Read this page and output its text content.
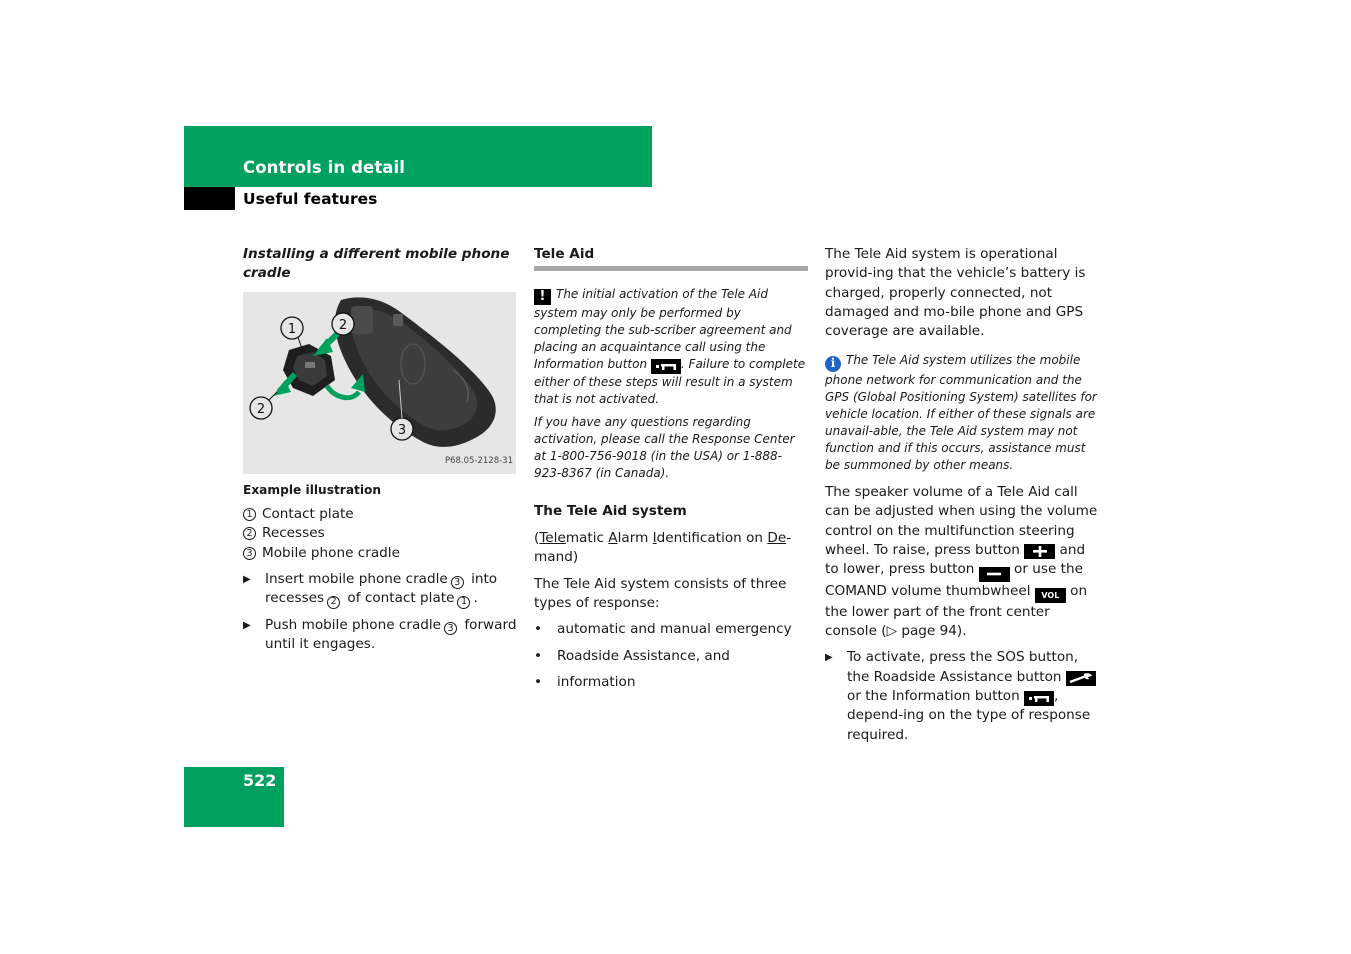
Controls in detail
Useful features

Installing a different mobile phone cradle

1	2
2
3
P68.05-2128-31
Example illustration
1 Contact plate
2 Recesses
3 Mobile phone cradle
▶	Insert mobile phone cradle 3 into recesses 2 of contact plate 1 .
▶	Push mobile phone cradle 3 forward until it engages.
Tele Aid
! The initial activation of the Tele Aid system may only be performed by completing the sub-scriber agreement and placing an acquaintance call using the Information button	. Failure to complete either of these steps will result in a system that is not activated.
If you have any questions regarding activation, please call the Response Center at 1-800-756-9018 (in the USA) or 1-888-923-8367 (in Canada).
The Tele Aid system
(Telematic Alarm Identification on De-mand)
The Tele Aid system consists of three types of response:
•	automatic and manual emergency
•	Roadside Assistance, and
•	information
The Tele Aid system is operational provid-ing that the vehicle’s battery is charged, properly connected, not damaged and mo-bile phone and GPS coverage are available.
i The Tele Aid system utilizes the mobile phone network for communication and the GPS (Global Positioning System) satellites for vehicle location. If either of these signals are unavail-able, the Tele Aid system may not function and if this occurs, assistance must be summoned by other means.
The speaker volume of a Tele Aid call can be adjusted when using the volume control on the multifunction steering wheel. To raise, press button	and to lower, press button	or use the COMAND volume thumbwheel VOL on the lower part of the front center console (▷ page 94).
▶	To activate, press the SOS button, the Roadside Assistance button
or the Information button	, depend-ing on the type of response required.
522
